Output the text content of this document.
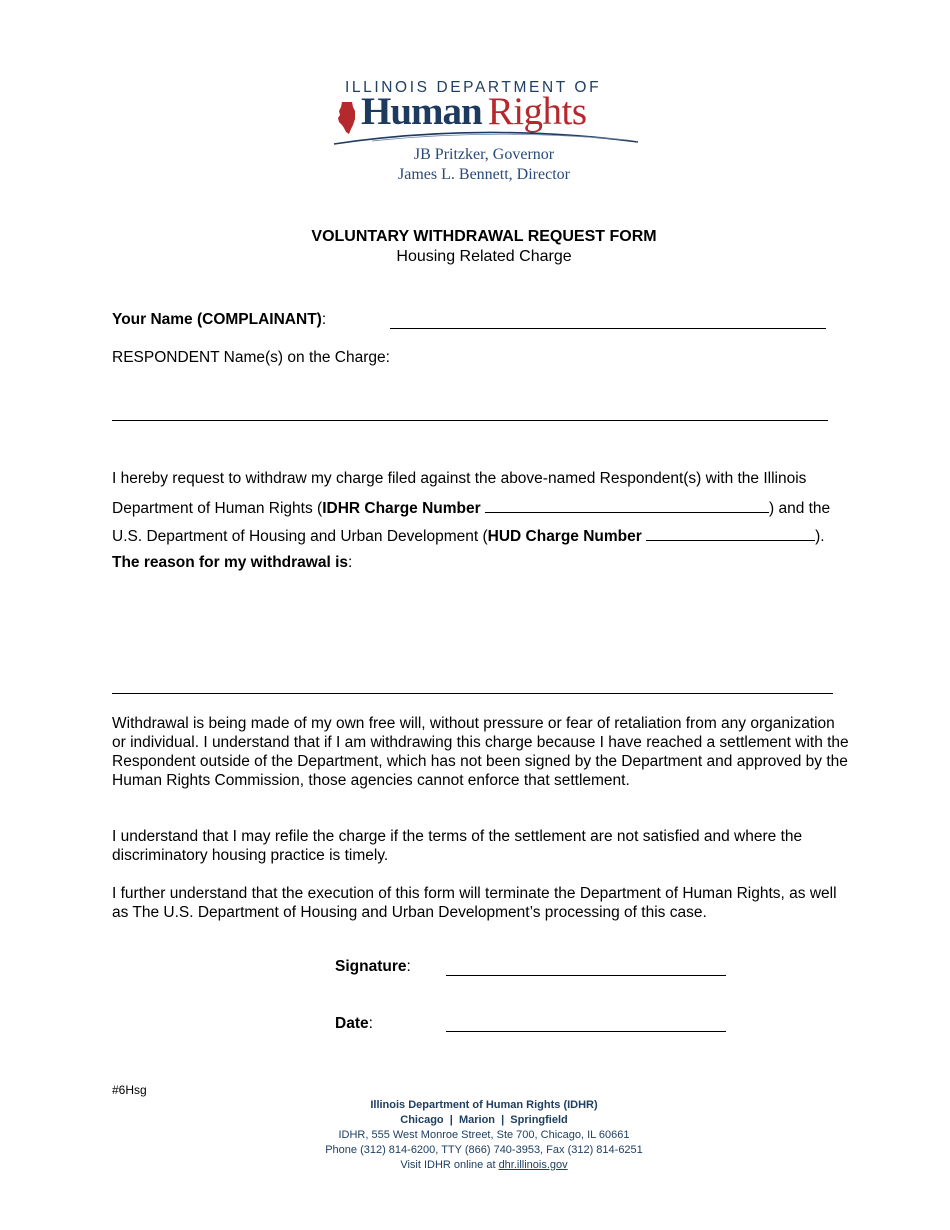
ILLINOIS DEPARTMENT OF
Human Rights
JB Pritzker, Governor
James L. Bennett, Director
VOLUNTARY WITHDRAWAL REQUEST FORM
Housing Related Charge
Your Name (COMPLAINANT):
RESPONDENT Name(s) on the Charge:
I hereby request to withdraw my charge filed against the above-named Respondent(s) with the Illinois
Department of Human Rights (IDHR Charge Number	) and the
U.S. Department of Housing and Urban Development (HUD Charge Number	).
The reason for my withdrawal is:
Withdrawal is being made of my own free will, without pressure or fear of retaliation from any organization or individual. I understand that if I am withdrawing this charge because I have reached a settlement with the Respondent outside of the Department, which has not been signed by the Department and approved by the Human Rights Commission, those agencies cannot enforce that settlement.
I understand that I may refile the charge if the terms of the settlement are not satisfied and where the discriminatory housing practice is timely.
I further understand that the execution of this form will terminate the Department of Human Rights, as well as The U.S. Department of Housing and Urban Development’s processing of this case.
Signature:
Date:
#6Hsg
Illinois Department of Human Rights (IDHR)
Chicago  |  Marion  |  Springfield
IDHR, 555 West Monroe Street, Ste 700, Chicago, IL 60661
Phone (312) 814-6200, TTY (866) 740-3953, Fax (312) 814-6251
Visit IDHR online at dhr.illinois.gov
